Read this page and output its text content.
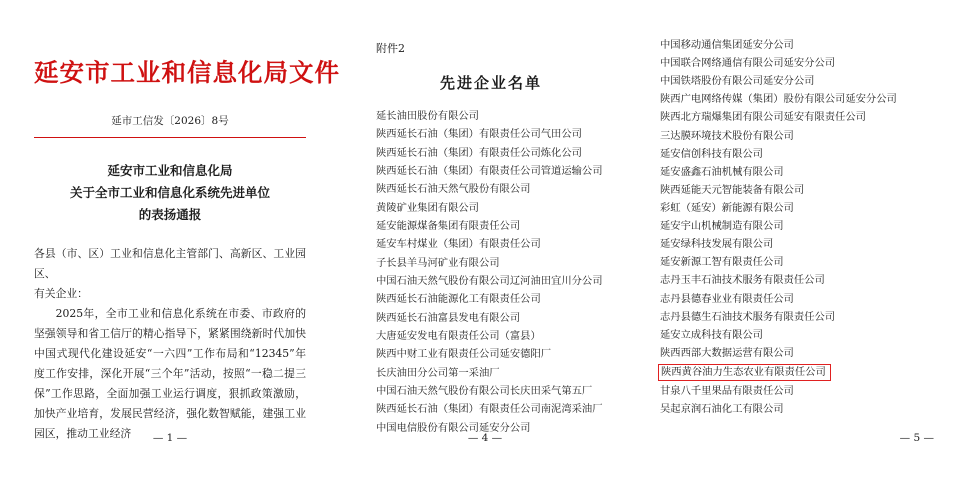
延安市工业和信息化局文件
延市工信发〔2026〕8号
延安市工业和信息化局
关于全市工业和信息化系统先进单位
的表扬通报

各县（市、区）工业和信息化主管部门、高新区、工业园区、

有关企业：

2025年，全市工业和信息化系统在市委、市政府的坚强领导和省工信厅的精心指导下，紧紧围绕新时代加快中国式现代化建设延安“一六四”工作布局和“12345”年度工作安排，深化开展“三个年”活动，按照“一稳二提三保”工作思路，全面加强工业运行调度，狠抓政策激励，加快产业培育，发展民营经济，强化数智赋能，建强工业园区，推动工业经济	— 1 —
附件2
先进企业名单
延长油田股份有限公司
陕西延长石油（集团）有限责任公司气田公司
陕西延长石油（集团）有限责任公司炼化公司
陕西延长石油（集团）有限责任公司管道运输公司
陕西延长石油天然气股份有限公司
黄陵矿业集团有限公司
延安能源煤备集团有限责任公司
延安车村煤业（集团）有限责任公司
子长县羊马河矿业有限公司
中国石油天然气股份有限公司辽河油田宜川分公司
陕西延长石油能源化工有限责任公司
陕西延长石油富县发电有限公司
大唐延安发电有限责任公司（富县）
陕西中财工业有限责任公司延安德阳厂
长庆油田分公司第一采油厂
中国石油天然气股份有限公司长庆田采气第五厂
陕西延长石油（集团）有限责任公司南泥湾采油厂
中国电信股份有限公司延安分公司
— 4 —
中国移动通信集团延安分公司
中国联合网络通信有限公司延安分公司
中国铁塔股份有限公司延安分公司
陕西广电网络传媒（集团）股份有限公司延安分公司
陕西北方瑞爆集团有限公司延安有限责任公司
三达膜环境技术股份有限公司
延安信创科技有限公司
延安盛鑫石油机械有限公司
陕西延能天元智能装备有限公司
彩虹（延安）新能源有限公司
延安宇山机械制造有限公司
延安绿科技发展有限公司
延安新源工智有限责任公司
志丹玉丰石油技术服务有限责任公司
志丹县德春业业有限责任公司
志丹县德生石油技术服务有限责任公司
延安立成科技有限公司
陕西西部大数据运营有限公司
陕西黄谷油力生态农业有限责任公司
甘泉八千里果品有限责任公司
吴起京润石油化工有限公司
— 5 —
